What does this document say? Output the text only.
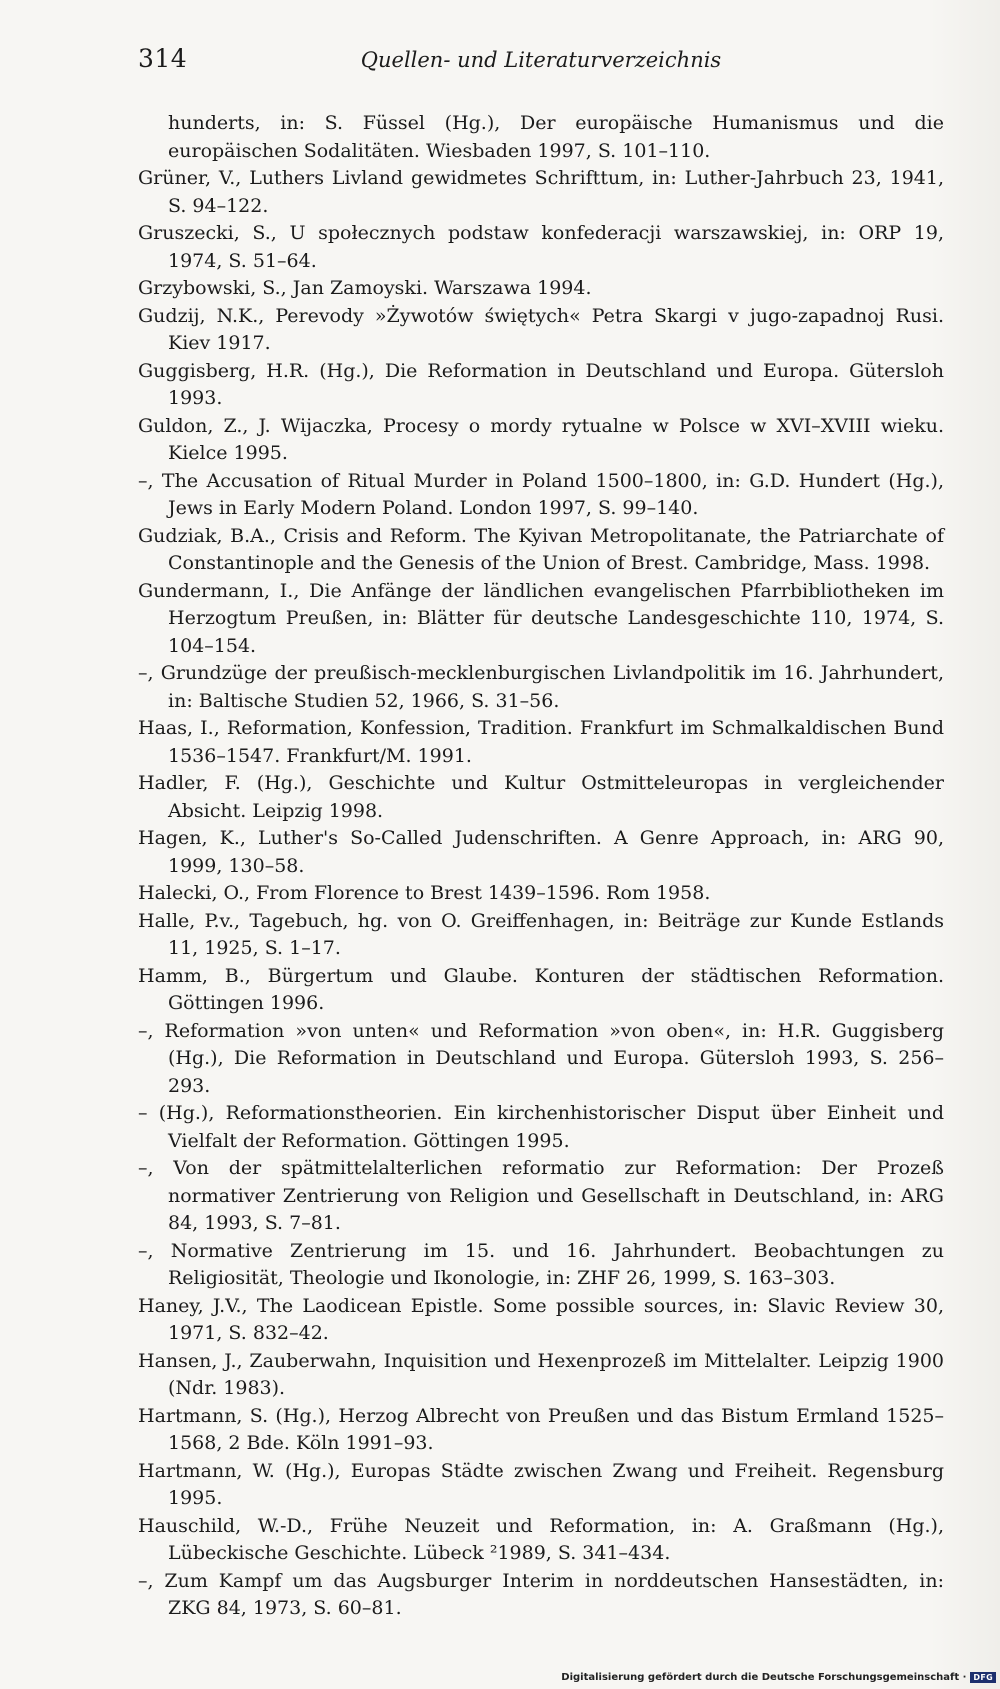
314	Quellen- und Literaturverzeichnis
hunderts, in: S. Füssel (Hg.), Der europäische Humanismus und die europäischen Sodalitäten. Wiesbaden 1997, S. 101–110.
Grüner, V., Luthers Livland gewidmetes Schrifttum, in: Luther-Jahrbuch 23, 1941, S. 94–122.
Gruszecki, S., U społecznych podstaw konfederacji warszawskiej, in: ORP 19, 1974, S. 51–64.
Grzybowski, S., Jan Zamoyski. Warszawa 1994.
Gudzij, N.K., Perevody »Żywotów świętych« Petra Skargi v jugo-zapadnoj Rusi. Kiev 1917.
Guggisberg, H.R. (Hg.), Die Reformation in Deutschland und Europa. Gütersloh 1993.
Guldon, Z., J. Wijaczka, Procesy o mordy rytualne w Polsce w XVI–XVIII wieku. Kielce 1995.
–, The Accusation of Ritual Murder in Poland 1500–1800, in: G.D. Hundert (Hg.), Jews in Early Modern Poland. London 1997, S. 99–140.
Gudziak, B.A., Crisis and Reform. The Kyivan Metropolitanate, the Patriarchate of Constantinople and the Genesis of the Union of Brest. Cambridge, Mass. 1998.
Gundermann, I., Die Anfänge der ländlichen evangelischen Pfarrbibliotheken im Herzogtum Preußen, in: Blätter für deutsche Landesgeschichte 110, 1974, S. 104–154.
–, Grundzüge der preußisch-mecklenburgischen Livlandpolitik im 16. Jahrhundert, in: Baltische Studien 52, 1966, S. 31–56.
Haas, I., Reformation, Konfession, Tradition. Frankfurt im Schmalkaldischen Bund 1536–1547. Frankfurt/M. 1991.
Hadler, F. (Hg.), Geschichte und Kultur Ostmitteleuropas in vergleichender Absicht. Leipzig 1998.
Hagen, K., Luther's So-Called Judenschriften. A Genre Approach, in: ARG 90, 1999, 130–58.
Halecki, O., From Florence to Brest 1439–1596. Rom 1958.
Halle, P.v., Tagebuch, hg. von O. Greiffenhagen, in: Beiträge zur Kunde Estlands 11, 1925, S. 1–17.
Hamm, B., Bürgertum und Glaube. Konturen der städtischen Reformation. Göttingen 1996.
–, Reformation »von unten« und Reformation »von oben«, in: H.R. Guggisberg (Hg.), Die Reformation in Deutschland und Europa. Gütersloh 1993, S. 256–293.
– (Hg.), Reformationstheorien. Ein kirchenhistorischer Disput über Einheit und Vielfalt der Reformation. Göttingen 1995.
–, Von der spätmittelalterlichen reformatio zur Reformation: Der Prozeß normativer Zentrierung von Religion und Gesellschaft in Deutschland, in: ARG 84, 1993, S. 7–81.
–, Normative Zentrierung im 15. und 16. Jahrhundert. Beobachtungen zu Religiosität, Theologie und Ikonologie, in: ZHF 26, 1999, S. 163–303.
Haney, J.V., The Laodicean Epistle. Some possible sources, in: Slavic Review 30, 1971, S. 832–42.
Hansen, J., Zauberwahn, Inquisition und Hexenprozeß im Mittelalter. Leipzig 1900 (Ndr. 1983).
Hartmann, S. (Hg.), Herzog Albrecht von Preußen und das Bistum Ermland 1525–1568, 2 Bde. Köln 1991–93.
Hartmann, W. (Hg.), Europas Städte zwischen Zwang und Freiheit. Regensburg 1995.
Hauschild, W.-D., Frühe Neuzeit und Reformation, in: A. Graßmann (Hg.), Lübeckische Geschichte. Lübeck ²1989, S. 341–434.
–, Zum Kampf um das Augsburger Interim in norddeutschen Hansestädten, in: ZKG 84, 1973, S. 60–81.
Digitalisierung gefördert durch die Deutsche Forschungsgemeinschaft · DFG
